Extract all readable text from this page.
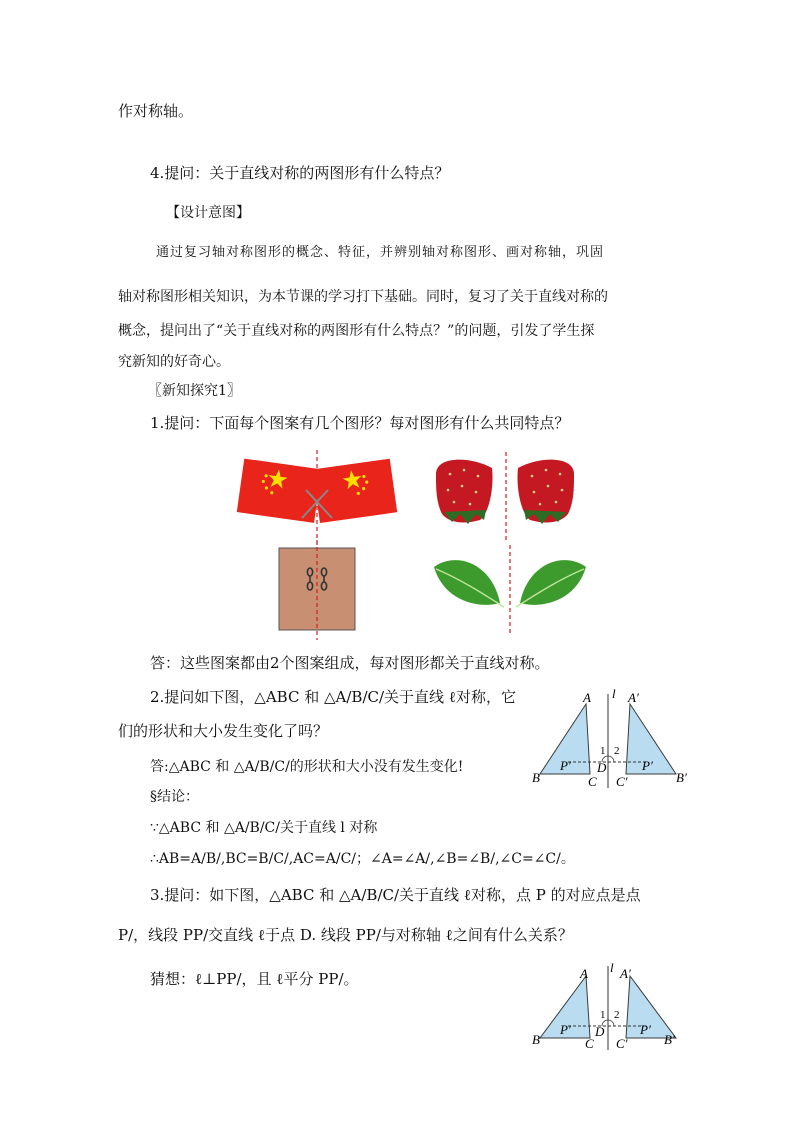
作对称轴。
4.提问：关于直线对称的两图形有什么特点？
【设计意图】
通过复习轴对称图形的概念、特征，并辨别轴对称图形、画对称轴，巩固
轴对称图形相关知识，为本节课的学习打下基础。同时，复习了关于直线对称的
概念，提问出了“关于直线对称的两图形有什么特点？”的问题，引发了学生探
究新知的好奇心。
〖新知探究1〗
1.提问：下面每个图案有几个图形？每对图形有什么共同特点？
答：这些图案都由2个图案组成，每对图形都关于直线对称。
2.提问如下图，△ABC 和 △A/B/C/关于直线 ℓ对称，它
们的形状和大小发生变化了吗？
答:△ABC 和 △A/B/C/的形状和大小没有发生变化!
§结论：
∵△ABC 和 △A/B/C/关于直线 l 对称
∴AB=A/B/,BC=B/C/,AC=A/C/；∠A=∠A/,∠B=∠B/,∠C=∠C/。
A	A′
l
1 2
P′	P′
D
B	B′
C C′
3.提问：如下图，△ABC 和 △A/B/C/关于直线 ℓ对称，点 P 的对应点是点
P/，线段 PP/交直线 ℓ于点 D. 线段 PP/与对称轴 ℓ之间有什么关系？
猜想：ℓ⊥PP/，且 ℓ平分 PP/。	A A′
l
1 2
P′	P′
D
B	B′
C C′
